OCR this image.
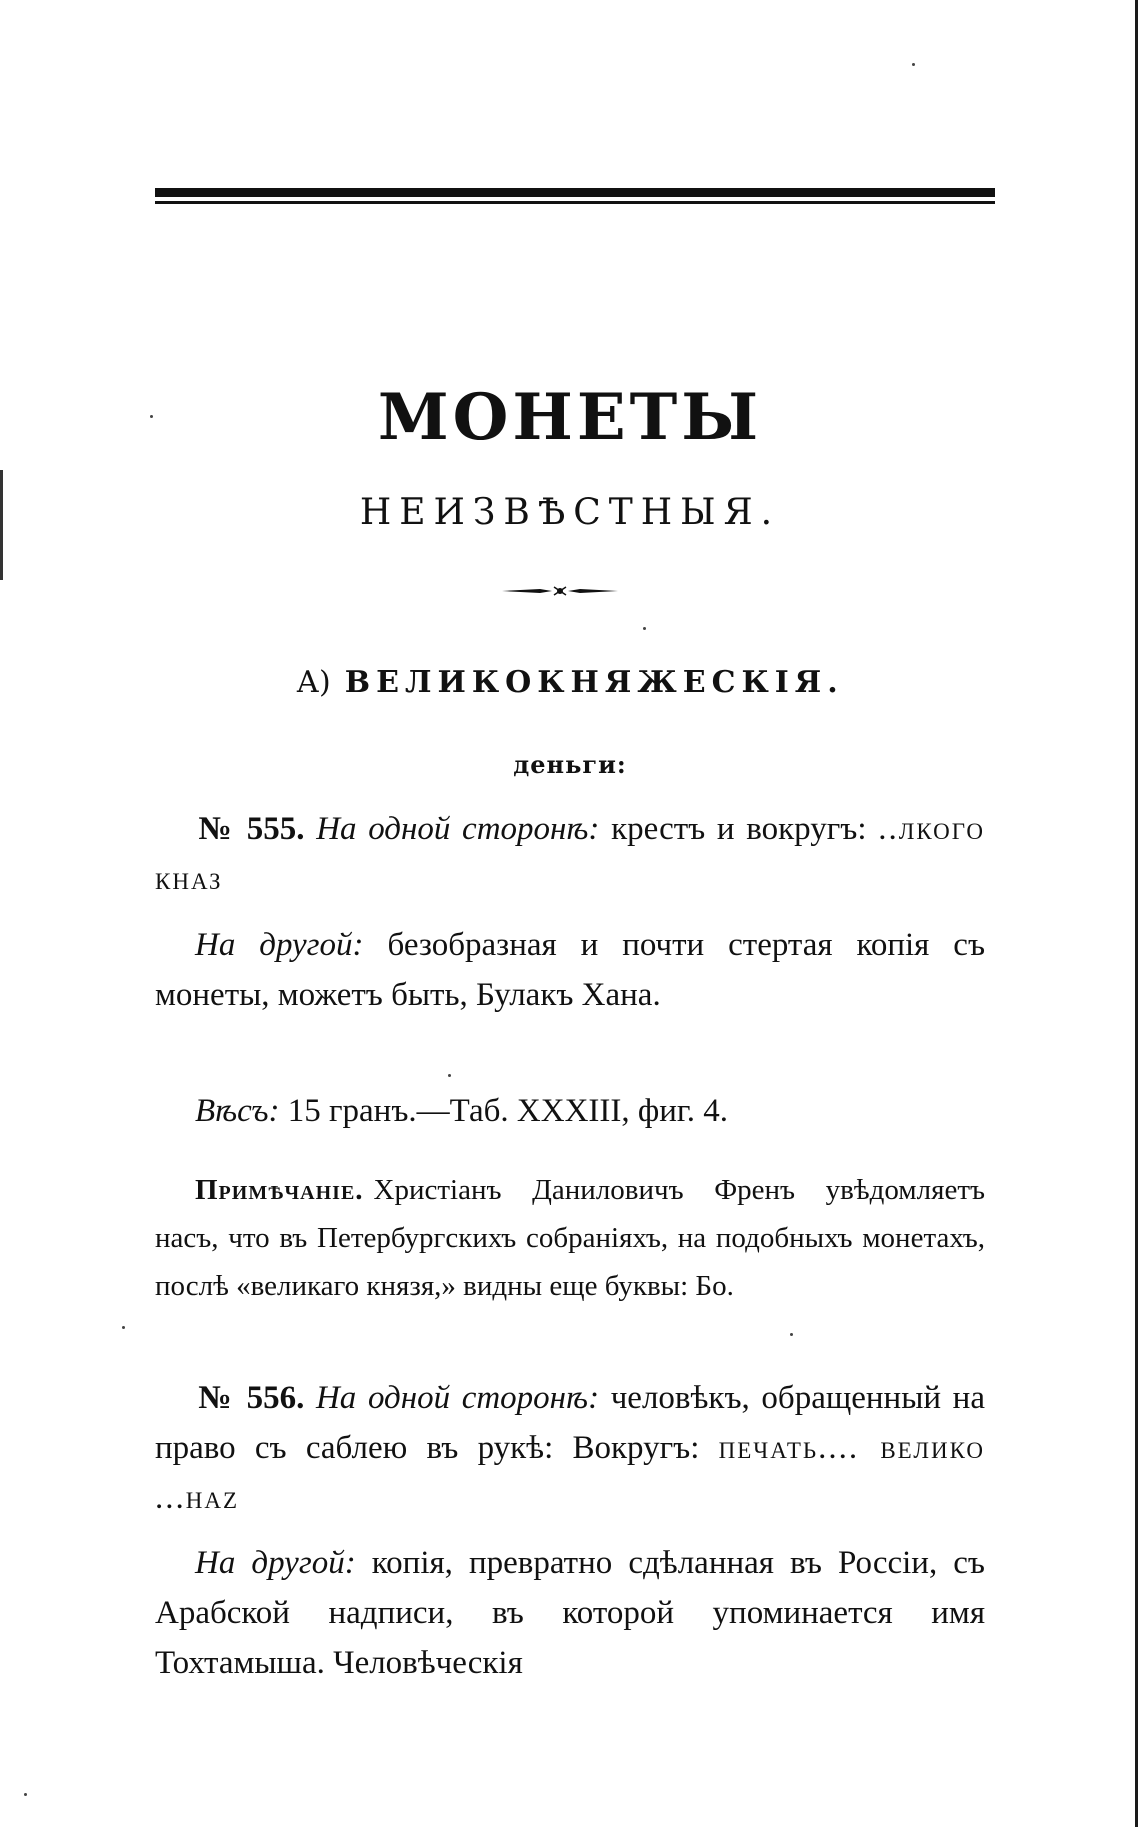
МОНЕТЫ
НЕИЗВѢСТНЫЯ.
А) ВЕЛИКОКНЯЖЕСКІЯ.
деньги:

№ 555. На одной сторонѣ: крестъ и вокругъ: ..лкого кназ

На другой: безобразная и почти стертая копія съ монеты, можетъ быть, Булакъ Хана.

Вѣсъ: 15 гранъ.—Таб. XXXIII, фиг. 4.

Примѣчаніе. Христіанъ Даниловичъ Френъ увѣдомляетъ насъ, что въ Петербургскихъ собраніяхъ, на подобныхъ монетахъ, послѣ «великаго князя,» видны еще буквы: Бо.

№ 556. На одной сторонѣ: человѣкъ, обращенный на право съ саблею въ рукѣ: Вокругъ: печать.... велико ...наz

На другой: копія, превратно сдѣланная въ Россіи, съ Арабской надписи, въ которой упоминается имя Тохтамыша. Человѣческія
